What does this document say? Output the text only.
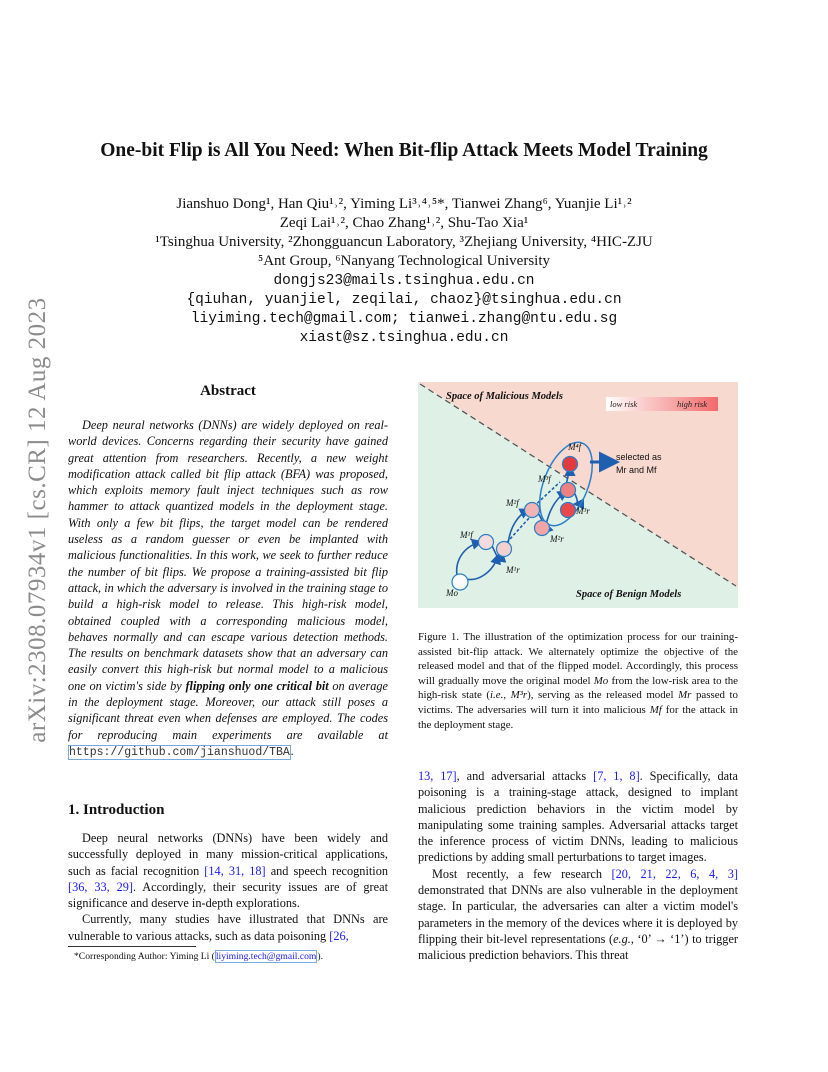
arXiv:2308.07934v1 [cs.CR] 12 Aug 2023
One-bit Flip is All You Need: When Bit-flip Attack Meets Model Training
Jianshuo Dong¹, Han Qiu¹˒², Yiming Li³˒⁴˒⁵*, Tianwei Zhang⁶, Yuanjie Li¹˒²
Zeqi Lai¹˒², Chao Zhang¹˒², Shu-Tao Xia¹
¹Tsinghua University, ²Zhongguancun Laboratory, ³Zhejiang University, ⁴HIC-ZJU
⁵Ant Group, ⁶Nanyang Technological University
dongjs23@mails.tsinghua.edu.cn
{qiuhan, yuanjiel, zeqilai, chaoz}@tsinghua.edu.cn
liyiming.tech@gmail.com; tianwei.zhang@ntu.edu.sg
xiast@sz.tsinghua.edu.cn
Abstract

Deep neural networks (DNNs) are widely deployed on real-world devices. Concerns regarding their security have gained great attention from researchers. Recently, a new weight modification attack called bit flip attack (BFA) was proposed, which exploits memory fault inject techniques such as row hammer to attack quantized models in the deployment stage. With only a few bit flips, the target model can be rendered useless as a random guesser or even be implanted with malicious functionalities. In this work, we seek to further reduce the number of bit flips. We propose a training-assisted bit flip attack, in which the adversary is involved in the training stage to build a high-risk model to release. This high-risk model, obtained coupled with a corresponding malicious model, behaves normally and can escape various detection methods. The results on benchmark datasets show that an adversary can easily convert this high-risk but normal model to a malicious one on victim's side by flipping only one critical bit on average in the deployment stage. Moreover, our attack still poses a significant threat even when defenses are employed. The codes for reproducing main experiments are available at https://github.com/jianshuod/TBA.

1. Introduction

Deep neural networks (DNNs) have been widely and successfully deployed in many mission-critical applications, such as facial recognition [14, 31, 18] and speech recognition [36, 33, 29]. Accordingly, their security issues are of great significance and deserve in-depth explorations.

Currently, many studies have illustrated that DNNs are vulnerable to various attacks, such as data poisoning [26,

*Corresponding Author: Yiming Li (liyiming.tech@gmail.com).
Space of Malicious Models
Space of Benign Models
low risk	high risk
Mo
M¹f
M¹r
M²f
M²r
M³f
M³r
M⁴f
selected as
Mr and Mf
Figure 1. The illustration of the optimization process for our training-assisted bit-flip attack. We alternately optimize the objective of the released model and that of the flipped model. Accordingly, this process will gradually move the original model Mo from the low-risk area to the high-risk state (i.e., M³r), serving as the released model Mr passed to victims. The adversaries will turn it into malicious Mf for the attack in the deployment stage.

13, 17], and adversarial attacks [7, 1, 8]. Specifically, data poisoning is a training-stage attack, designed to implant malicious prediction behaviors in the victim model by manipulating some training samples. Adversarial attacks target the inference process of victim DNNs, leading to malicious predictions by adding small perturbations to target images.

Most recently, a few research [20, 21, 22, 6, 4, 3] demonstrated that DNNs are also vulnerable in the deployment stage. In particular, the adversaries can alter a victim model's parameters in the memory of the devices where it is deployed by flipping their bit-level representations (e.g., ‘0’ → ‘1’) to trigger malicious prediction behaviors. This threat
